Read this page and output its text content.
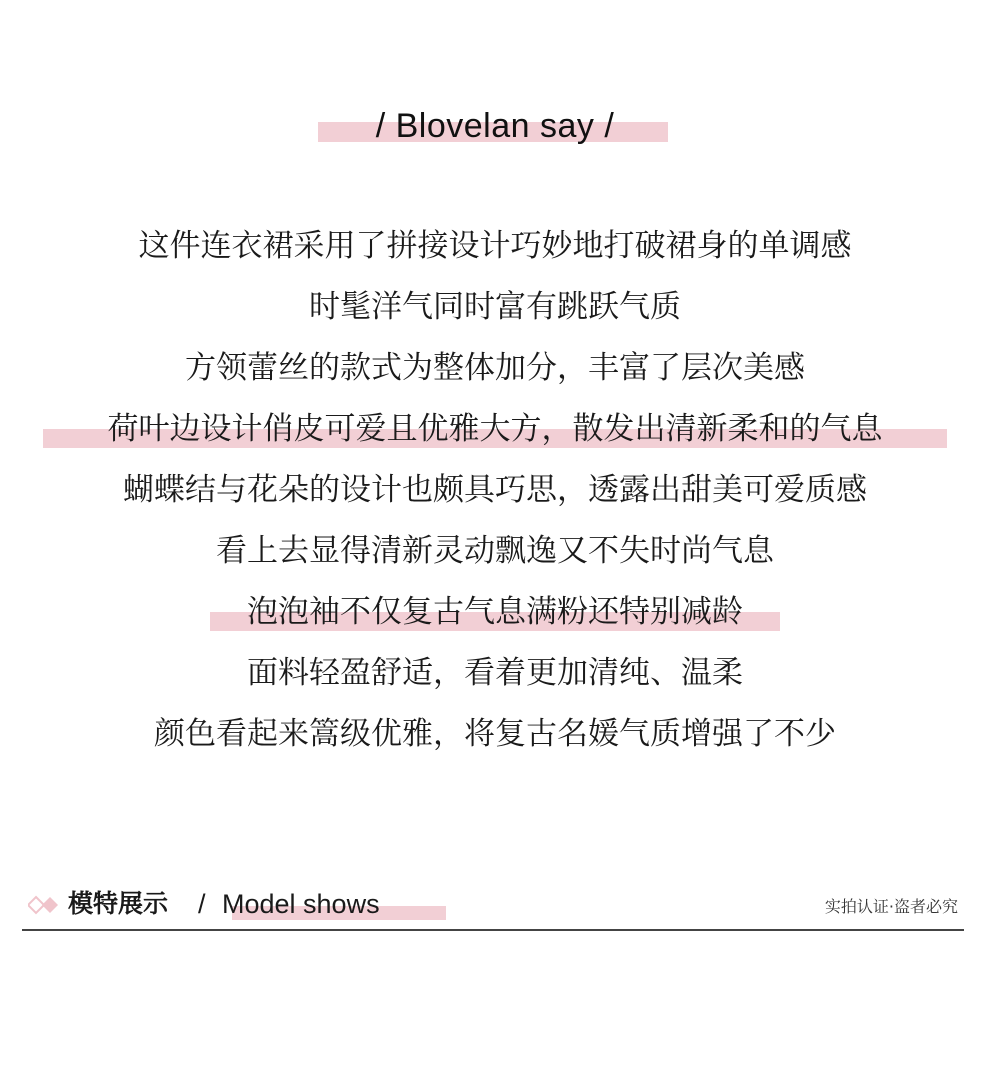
/ Blovelan say /
这件连衣裙采用了拼接设计巧妙地打破裙身的单调感
时髦洋气同时富有跳跃气质
方领蕾丝的款式为整体加分，丰富了层次美感
荷叶边设计俏皮可爱且优雅大方，散发出清新柔和的气息
蝴蝶结与花朵的设计也颇具巧思，透露出甜美可爱质感
看上去显得清新灵动飘逸又不失时尚气息
泡泡袖不仅复古气息满粉还特别减龄
面料轻盈舒适，看着更加清纯、温柔
颜色看起来篙级优雅，将复古名媛气质增强了不少
模特展示 / Model shows	实拍认证·盗者必究
